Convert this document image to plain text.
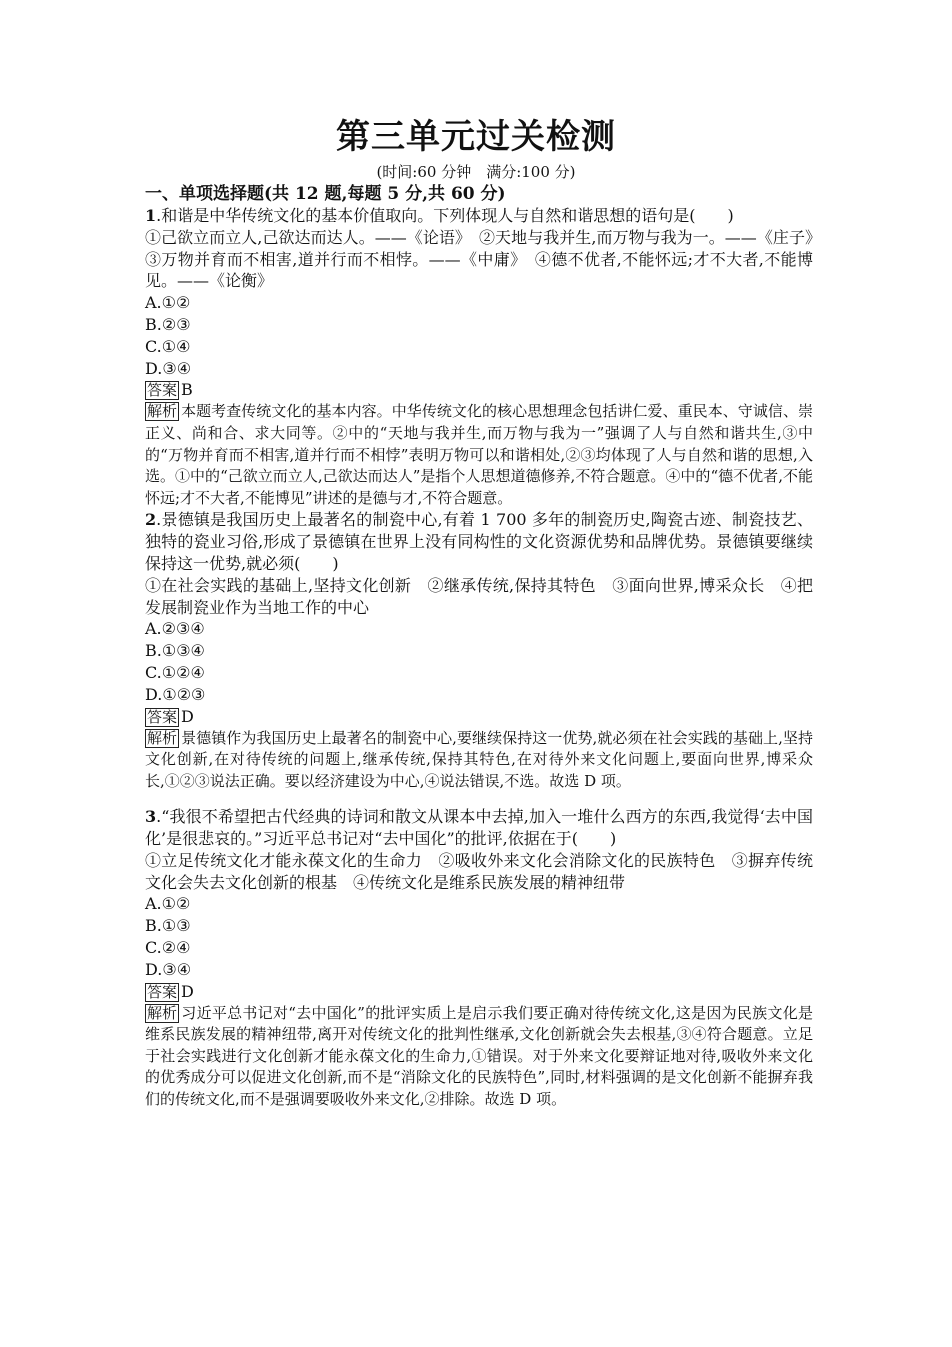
第三单元过关检测
(时间:60 分钟　满分:100 分)

一、单项选择题(共 12 题,每题 5 分,共 60 分)

1.和谐是中华传统文化的基本价值取向。下列体现人与自然和谐思想的语句是(　　)

①己欲立而立人,己欲达而达人。——《论语》　②天地与我并生,而万物与我为一。——《庄子》　③万物并育而不相害,道并行而不相悖。——《中庸》　④德不优者,不能怀远;才不大者,不能博见。——《论衡》

A.①②

B.②③

C.①④

D.③④

答案 B

解析 本题考查传统文化的基本内容。中华传统文化的核心思想理念包括讲仁爱、重民本、守诚信、崇正义、尚和合、求大同等。②中的“天地与我并生,而万物与我为一”强调了人与自然和谐共生,③中的“万物并育而不相害,道并行而不相悖”表明万物可以和谐相处,②③均体现了人与自然和谐的思想,入选。①中的“己欲立而立人,己欲达而达人”是指个人思想道德修养,不符合题意。④中的“德不优者,不能怀远;才不大者,不能博见”讲述的是德与才,不符合题意。

2.景德镇是我国历史上最著名的制瓷中心,有着 1 700 多年的制瓷历史,陶瓷古迹、制瓷技艺、独特的瓷业习俗,形成了景德镇在世界上没有同构性的文化资源优势和品牌优势。景德镇要继续保持这一优势,就必须(　　)

①在社会实践的基础上,坚持文化创新　②继承传统,保持其特色　③面向世界,博采众长　④把发展制瓷业作为当地工作的中心

A.②③④

B.①③④

C.①②④

D.①②③

答案 D

解析 景德镇作为我国历史上最著名的制瓷中心,要继续保持这一优势,就必须在社会实践的基础上,坚持文化创新,在对待传统的问题上,继承传统,保持其特色,在对待外来文化问题上,要面向世界,博采众长,①②③说法正确。要以经济建设为中心,④说法错误,不选。故选 D 项。

3.“我很不希望把古代经典的诗词和散文从课本中去掉,加入一堆什么西方的东西,我觉得‘去中国化’是很悲哀的。”习近平总书记对“去中国化”的批评,依据在于(　　)

①立足传统文化才能永葆文化的生命力　②吸收外来文化会消除文化的民族特色　③摒弃传统文化会失去文化创新的根基　④传统文化是维系民族发展的精神纽带

A.①②

B.①③

C.②④

D.③④

答案 D

解析 习近平总书记对“去中国化”的批评实质上是启示我们要正确对待传统文化,这是因为民族文化是维系民族发展的精神纽带,离开对传统文化的批判性继承,文化创新就会失去根基,③④符合题意。立足于社会实践进行文化创新才能永葆文化的生命力,①错误。对于外来文化要辩证地对待,吸收外来文化的优秀成分可以促进文化创新,而不是“消除文化的民族特色”,同时,材料强调的是文化创新不能摒弃我们的传统文化,而不是强调要吸收外来文化,②排除。故选 D 项。
